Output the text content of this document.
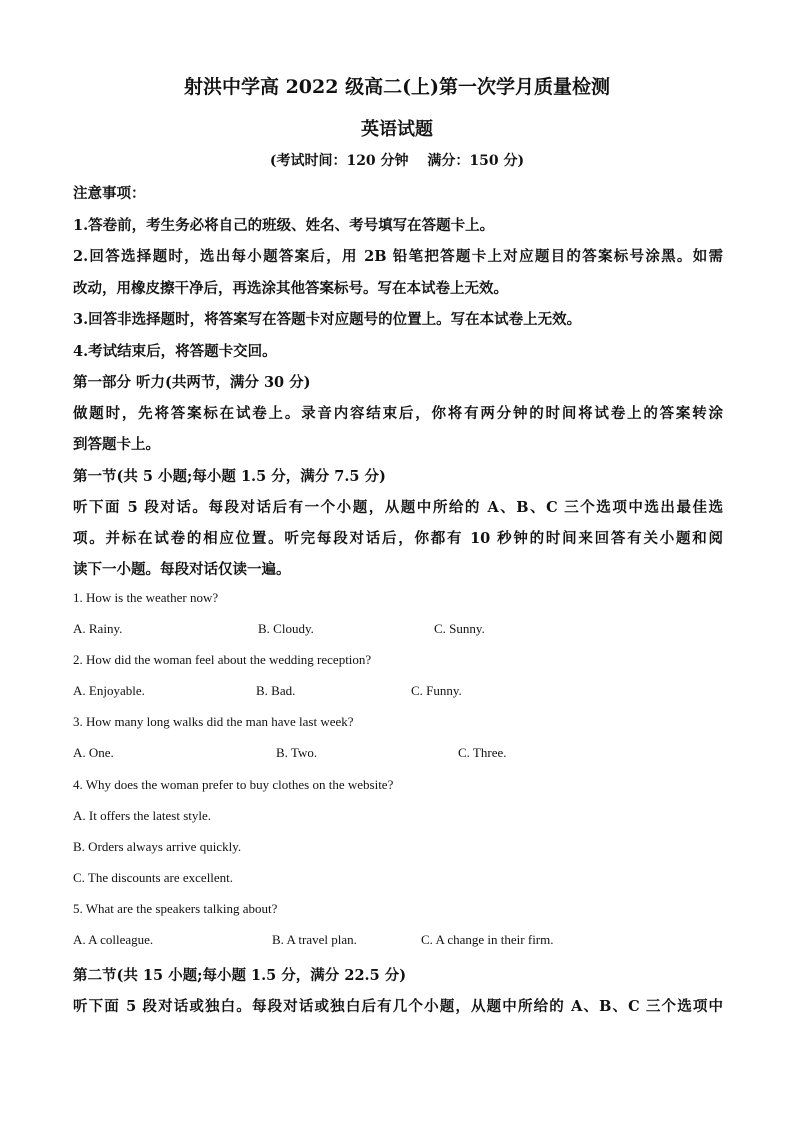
射洪中学高 2022 级高二(上)第一次学月质量检测
英语试题
(考试时间：120 分钟　 满分：150 分)
注意事项：
1.答卷前，考生务必将自己的班级、姓名、考号填写在答题卡上。
2.回答选择题时，选出每小题答案后，用 2B 铅笔把答题卡上对应题目的答案标号涂黑。如需
改动，用橡皮擦干净后，再选涂其他答案标号。写在本试卷上无效。
3.回答非选择题时，将答案写在答题卡对应题号的位置上。写在本试卷上无效。
4.考试结束后，将答题卡交回。
第一部分 听力(共两节，满分 30 分)
做题时，先将答案标在试卷上。录音内容结束后，你将有两分钟的时间将试卷上的答案转涂
到答题卡上。
第一节(共 5 小题;每小题 1.5 分，满分 7.5 分)
听下面 5 段对话。每段对话后有一个小题，从题中所给的 A、B、C 三个选项中选出最佳选
项。并标在试卷的相应位置。听完每段对话后，你都有 10 秒钟的时间来回答有关小题和阅
读下一小题。每段对话仅读一遍。
1. How is the weather now?
A. Rainy.	B. Cloudy.	C. Sunny.
2. How did the woman feel about the wedding reception?
A. Enjoyable.	B. Bad.	C. Funny.
3. How many long walks did the man have last week?
A. One.	B. Two.	C. Three.
4. Why does the woman prefer to buy clothes on the website?
A. It offers the latest style.
B. Orders always arrive quickly.
C. The discounts are excellent.
5. What are the speakers talking about?
A. A colleague.	B. A travel plan.	C. A change in their firm.
第二节(共 15 小题;每小题 1.5 分，满分 22.5 分)
听下面 5 段对话或独白。每段对话或独白后有几个小题，从题中所给的 A、B、C 三个选项中
